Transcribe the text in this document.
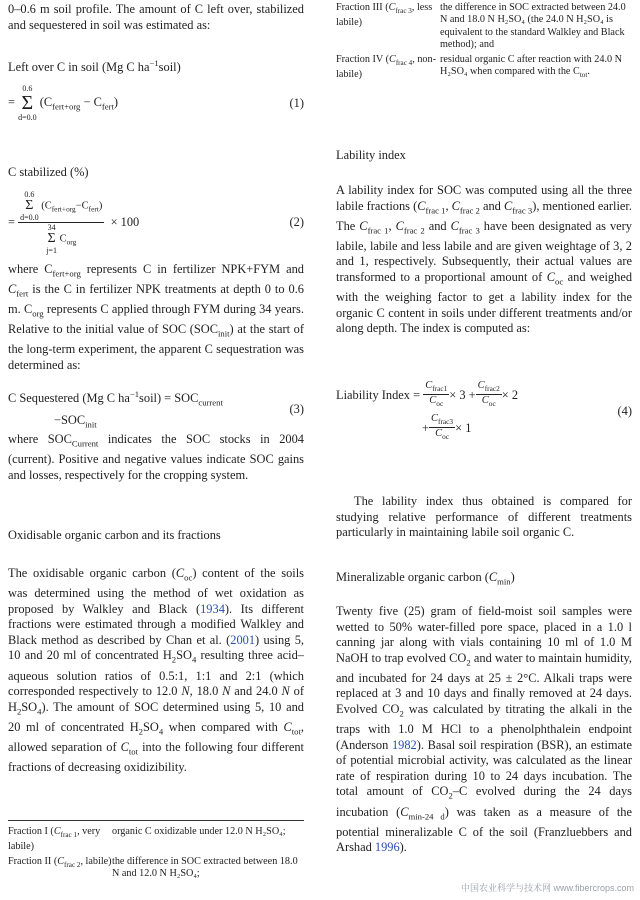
0–0.6 m soil profile. The amount of C left over, stabilized and sequestered in soil was estimated as:

Left over C in soil (Mg C $ha^{-1}soil$)
=
0.6
Σ
d=0.0
$(C_{fert+org} - C_{fert})$	(1)
C stabilized (%)
= 0.6
Σ
d=0.0
$(C_{fert+org}-C_{fert})$
34
Σ
j=1
$C_{org}$
× 100	(2)

where $C_{fert+org}$ represents C in fertilizer NPK+FYM and $C_{fert}$ is the C in fertilizer NPK treatments at depth 0 to 0.6 m. $C_{org}$ represents C applied through FYM during 34 years. Relative to the initial value of SOC $(SOC_{init})$ at the start of the long-term experiment, the apparent C sequestration was determined as:

C Sequestered (Mg C $ha^{-1}soil) = SOC_{current}$
$-SOC_{init}$
(3)

where $SOC_{Current}$ indicates the SOC stocks in 2004 (current). Positive and negative values indicate SOC gains and losses, respectively for the cropping system.

Oxidisable organic carbon and its fractions

The oxidisable organic carbon $(C_{oc})$ content of the soils was determined using the method of wet oxidation as proposed by Walkley and Black (1934). Its different fractions were estimated through a modified Walkley and Black method as described by Chan et al. (2001) using 5, 10 and 20 ml of concentrated $H_2SO_4$ resulting three acid–aqueous solution ratios of 0.5:1, 1:1 and 2:1 (which corresponded respectively to 12.0 N, 18.0 N and 24.0 N of $H_2SO_4$). The amount of SOC determined using 5, 10 and 20 ml of concentrated $H_2SO_4$ when compared with $C_{tot}$, allowed separation of $C_{tot}$ into the following four different fractions of decreasing oxidizibility.

Fraction I ($C_{frac 1}$, very labile)	organic C oxidizable under 12.0 N H₂SO₄;
Fraction II ($C_{frac 2}$, labile)	the difference in SOC extracted between 18.0 N and 12.0 N H₂SO₄;
Fraction III ($C_{frac 3}$, less labile)	the difference in SOC extracted between 24.0 N and 18.0 N H₂SO₄ (the 24.0 N H₂SO₄ is equivalent to the standard Walkley and Black method); and
Fraction IV ($C_{frac 4}$, non-labile)	residual organic C after reaction with 24.0 N H₂SO₄ when compared with the $C_{tot}$.

Lability index

A lability index for SOC was computed using all the three labile fractions ($C_{frac 1}$, $C_{frac 2}$ and $C_{frac 3}$), mentioned earlier. The $C_{frac 1}$, $C_{frac 2}$ and $C_{frac 3}$ have been designated as very labile, labile and less labile and are given weightage of 3, 2 and 1, respectively. Subsequently, their actual values are transformed to a proportional amount of $C_{oc}$ and weighed with the weighing factor to get a lability index for the organic C content in soils under different treatments and/or along depth. The index is computed as:

Liability Index =
$\frac{C_{frac1}}{C_{oc}} \times 3 + \frac{C_{frac2}}{C_{oc}} \times 2$

+ $\frac{C_{frac3}}{C_{oc}} \times 1$
(4)

The lability index thus obtained is compared for studying relative performance of different treatments particularly in maintaining labile soil organic C.

Mineralizable organic carbon $(C_{min})$

Twenty five (25) gram of field-moist soil samples were wetted to 50% water-filled pore space, placed in a 1.0 l canning jar along with vials containing 10 ml of 1.0 M NaOH to trap evolved $CO_2$ and water to maintain humidity, and incubated for 24 days at 25 ± 2°C. Alkali traps were replaced at 3 and 10 days and finally removed at 24 days. Evolved $CO_2$ was calculated by titrating the alkali in the traps with 1.0 M HCl to a phenolphthalein endpoint (Anderson 1982). Basal soil respiration (BSR), an estimate of potential microbial activity, was calculated as the linear rate of respiration during 10 to 24 days incubation. The total amount of $CO_2-C$ evolved during the 24 days incubation $(C_{min-24 d})$ was taken as a measure of the potential mineralizable C of the soil (Franzluebbers and Arshad 1996).

中国农业科学与技术网 www.fibercrops.com
